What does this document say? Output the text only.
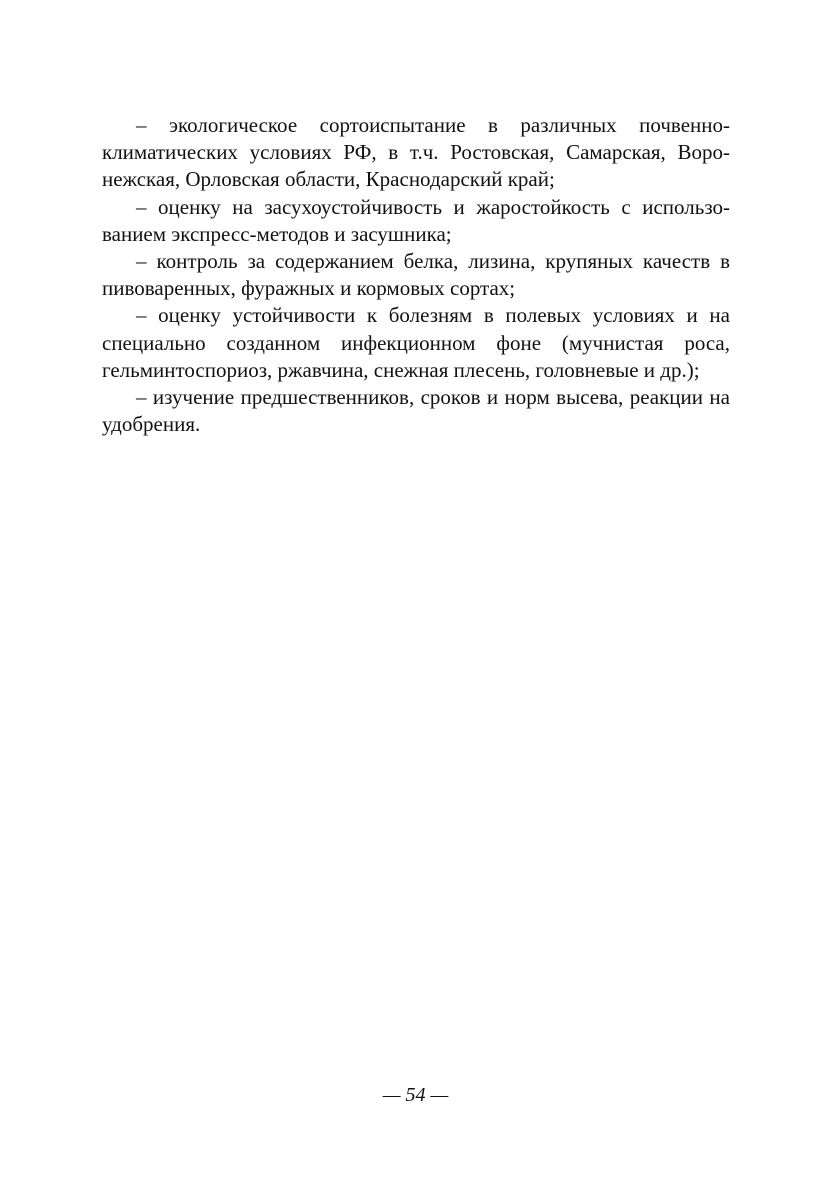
– экологическое сортоиспытание в различных почвенно-климатических условиях РФ, в т.ч. Ростовская, Самарская, Воронежская, Орловская области, Краснодарский край;

– оценку на засухоустойчивость и жаростойкость с использованием экспресс-методов и засушника;

– контроль за содержанием белка, лизина, крупяных качеств в пивоваренных, фуражных и кормовых сортах;

– оценку устойчивости к болезням в полевых условиях и на специально созданном инфекционном фоне (мучнистая роса, гельминтоспориоз, ржавчина, снежная плесень, головневые и др.);

– изучение предшественников, сроков и норм высева, реакции на удобрения.

— 54 —
